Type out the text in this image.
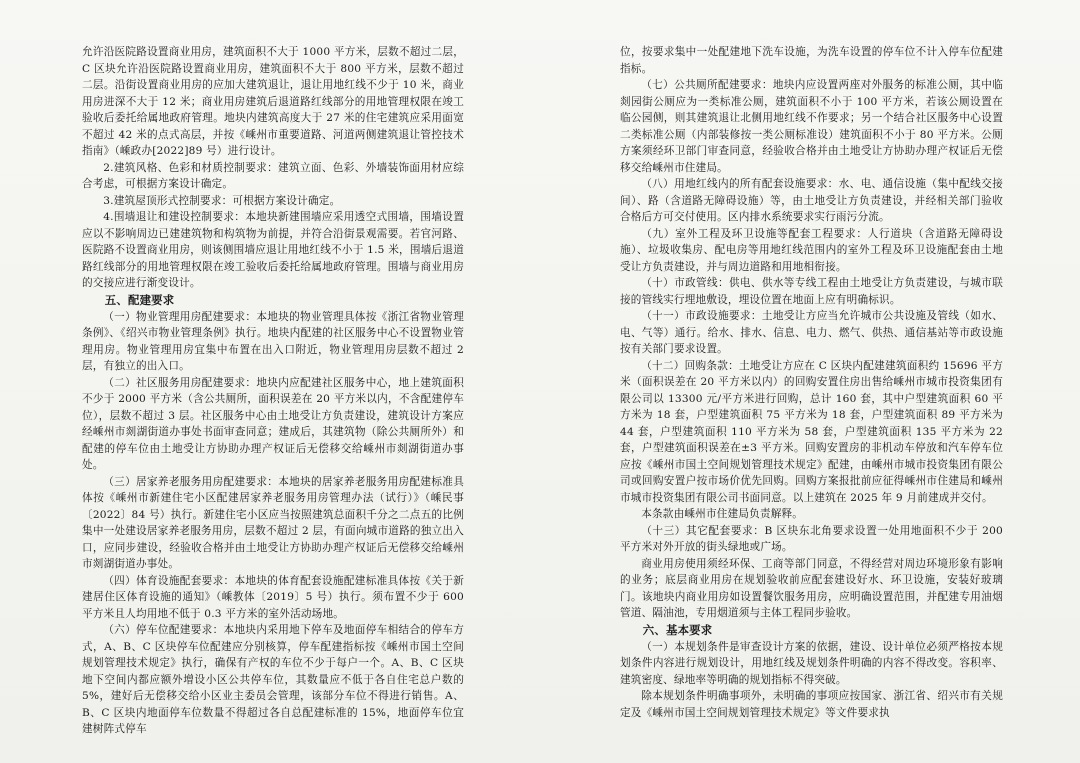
允许沿医院路设置商业用房，建筑面积不大于 1000 平方米，层数不超过二层，C 区块允许沿医院路设置商业用房，建筑面积不大于 800 平方米，层数不超过二层。沿街设置商业用房的应加大建筑退让，退让用地红线不少于 10 米，商业用房进深不大于 12 米；商业用房建筑后退道路红线部分的用地管理权限在竣工验收后委托给属地政府管理。地块内建筑高度大于 27 米的住宅建筑应采用面宽不超过 42 米的点式高层，并按《嵊州市重要道路、河道两侧建筑退让管控技术指南》（嵊政办[2022]89 号）进行设计。

2.建筑风格、色彩和材质控制要求：建筑立面、色彩、外墙装饰面用材应综合考虑，可根据方案设计确定。

3.建筑屋顶形式控制要求：可根据方案设计确定。

4.围墙退让和建设控制要求：本地块新建围墙应采用透空式围墙，围墙设置应以不影响周边已建建筑物和构筑物为前提，并符合沿街景观需要。若官河路、医院路不设置商业用房，则该侧围墙应退让用地红线不小于 1.5 米，围墙后退道路红线部分的用地管理权限在竣工验收后委托给属地政府管理。围墙与商业用房的交接应进行渐变设计。

五、配建要求

（一）物业管理用房配建要求：本地块的物业管理具体按《浙江省物业管理条例》、《绍兴市物业管理条例》执行。地块内配建的社区服务中心不设置物业管理用房。物业管理用房宜集中布置在出入口附近，物业管理用房层数不超过 2 层，有独立的出入口。

（二）社区服务用房配建要求：地块内应配建社区服务中心，地上建筑面积不少于 2000 平方米（含公共厕所，面积误差在 20 平方米以内，不含配建停车位），层数不超过 3 层。社区服务中心由土地受让方负责建设，建筑设计方案应经嵊州市剡湖街道办事处书面审查同意；建成后，其建筑物（除公共厕所外）和配建的停车位由土地受让方协助办理产权证后无偿移交给嵊州市剡湖街道办事处。

（三）居家养老服务用房配建要求：本地块的居家养老服务用房配建标准具体按《嵊州市新建住宅小区配建居家养老服务用房管理办法（试行）》（嵊民事〔2022〕84 号）执行。新建住宅小区应当按照建筑总面积千分之二点五的比例集中一处建设居家养老服务用房，层数不超过 2 层，有面向城市道路的独立出入口，应同步建设，经验收合格并由土地受让方协助办理产权证后无偿移交给嵊州市剡湖街道办事处。

（四）体育设施配套要求：本地块的体育配套设施配建标准具体按《关于新建居住区体育设施的通知》（嵊教体〔2019〕5 号）执行。须布置不少于 600 平方米且人均用地不低于 0.3 平方米的室外活动场地。

（六）停车位配建要求：本地块内采用地下停车及地面停车相结合的停车方式，A、B、C 区块停车位配建应分别核算，停车配建指标按《嵊州市国土空间规划管理技术规定》执行，确保有产权的车位不少于每户一个。A、B、C 区块地下空间内都应额外增设小区公共停车位，其数量应不低于各自住宅总户数的 5%，建好后无偿移交给小区业主委员会管理，该部分车位不得进行销售。A、B、C 区块内地面停车位数量不得超过各自总配建标准的 15%，地面停车位宜建树阵式停车

位，按要求集中一处配建地下洗车设施，为洗车设置的停车位不计入停车位配建指标。

（七）公共厕所配建要求：地块内应设置两座对外服务的标准公厕，其中临剡园街公厕应为一类标准公厕，建筑面积不小于 100 平方米，若该公厕设置在临公园侧，则其建筑退让北侧用地红线不作要求；另一个结合社区服务中心设置二类标准公厕（内部装修按一类公厕标准设）建筑面积不小于 80 平方米。公厕方案须经环卫部门审查同意，经验收合格并由土地受让方协助办理产权证后无偿移交给嵊州市住建局。

（八）用地红线内的所有配套设施要求：水、电、通信设施（集中配线交接间）、路（含道路无障碍设施）等，由土地受让方负责建设，并经相关部门验收合格后方可交付使用。区内排水系统要求实行雨污分流。

（九）室外工程及环卫设施等配套工程要求：人行道块（含道路无障碍设施）、垃圾收集房、配电房等用地红线范围内的室外工程及环卫设施配套由土地受让方负责建设，并与周边道路和用地相衔接。

（十）市政管线：供电、供水等专线工程由土地受让方负责建设，与城市联接的管线实行埋地敷设，埋设位置在地面上应有明确标识。

（十一）市政设施要求：土地受让方应当允许城市公共设施及管线（如水、电、气等）通行。给水、排水、信息、电力、燃气、供热、通信基站等市政设施按有关部门要求设置。

（十二）回购条款：土地受让方应在 C 区块内配建建筑面积约 15696 平方米（面积误差在 20 平方米以内）的回购安置住房出售给嵊州市城市投资集团有限公司以 13300 元/平方米进行回购，总计 160 套，其中户型建筑面积 60 平方米为 18 套，户型建筑面积 75 平方米为 18 套，户型建筑面积 89 平方米为 44 套，户型建筑面积 110 平方米为 58 套，户型建筑面积 135 平方米为 22 套，户型建筑面积误差在±3 平方米。回购安置房的非机动车停放和汽车停车位应按《嵊州市国土空间规划管理技术规定》配建，由嵊州市城市投资集团有限公司或回购安置户按市场价优先回购。回购方案报批前应征得嵊州市住建局和嵊州市城市投资集团有限公司书面同意。以上建筑在 2025 年 9 月前建成并交付。

本条款由嵊州市住建局负责解释。

（十三）其它配套要求：B 区块东北角要求设置一处用地面积不少于 200 平方米对外开放的街头绿地或广场。

商业用房使用须经环保、工商等部门同意，不得经营对周边环境形象有影响的业务；底层商业用房在规划验收前应配套建设好水、环卫设施，安装好玻璃门。该地块内商业用房如设置餐饮服务用房，应明确设置范围，并配建专用油烟管道、隔油池，专用烟道须与主体工程同步验收。

六、基本要求

（一）本规划条件是审查设计方案的依据，建设、设计单位必须严格按本规划条件内容进行规划设计，用地红线及规划条件明确的内容不得改变。容积率、建筑密度、绿地率等明确的规划指标不得突破。

除本规划条件明确事项外，未明确的事项应按国家、浙江省、绍兴市有关规定及《嵊州市国土空间规划管理技术规定》等文件要求执
